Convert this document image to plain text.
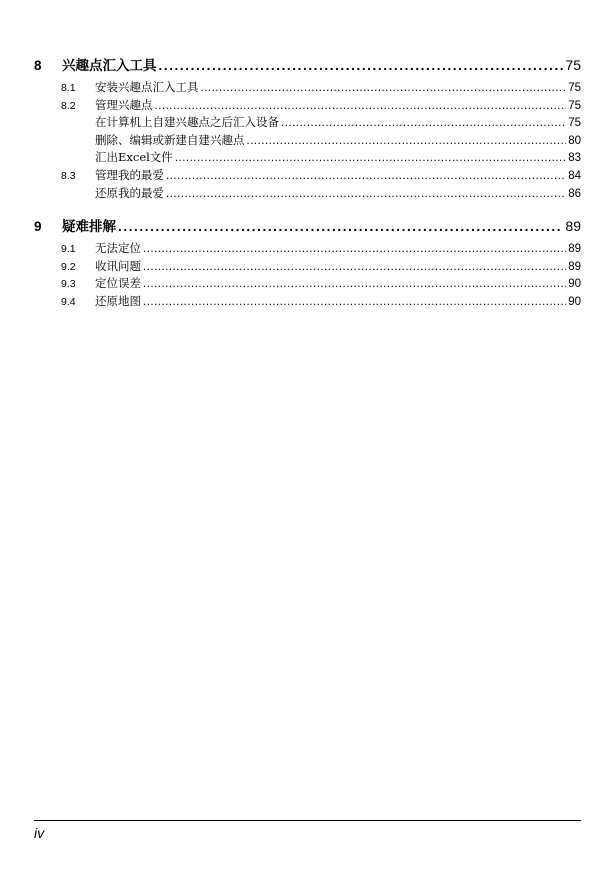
8	兴趣点汇入工具 .....	75
8.1	安装兴趣点汇入工具 .....	75
8.2	管理兴趣点 .....	75
在计算机上自建兴趣点之后汇入设备 .....	75
删除、编辑或新建自建兴趣点 .....	80
汇出Excel文件 .....	83
8.3	管理我的最爱 .....	84
还原我的最爱 .....	86
9	疑难排解 .....	89
9.1	无法定位 .....	89
9.2	收讯问题 .....	89
9.3	定位误差 .....	90
9.4	还原地图 .....	90
iv
